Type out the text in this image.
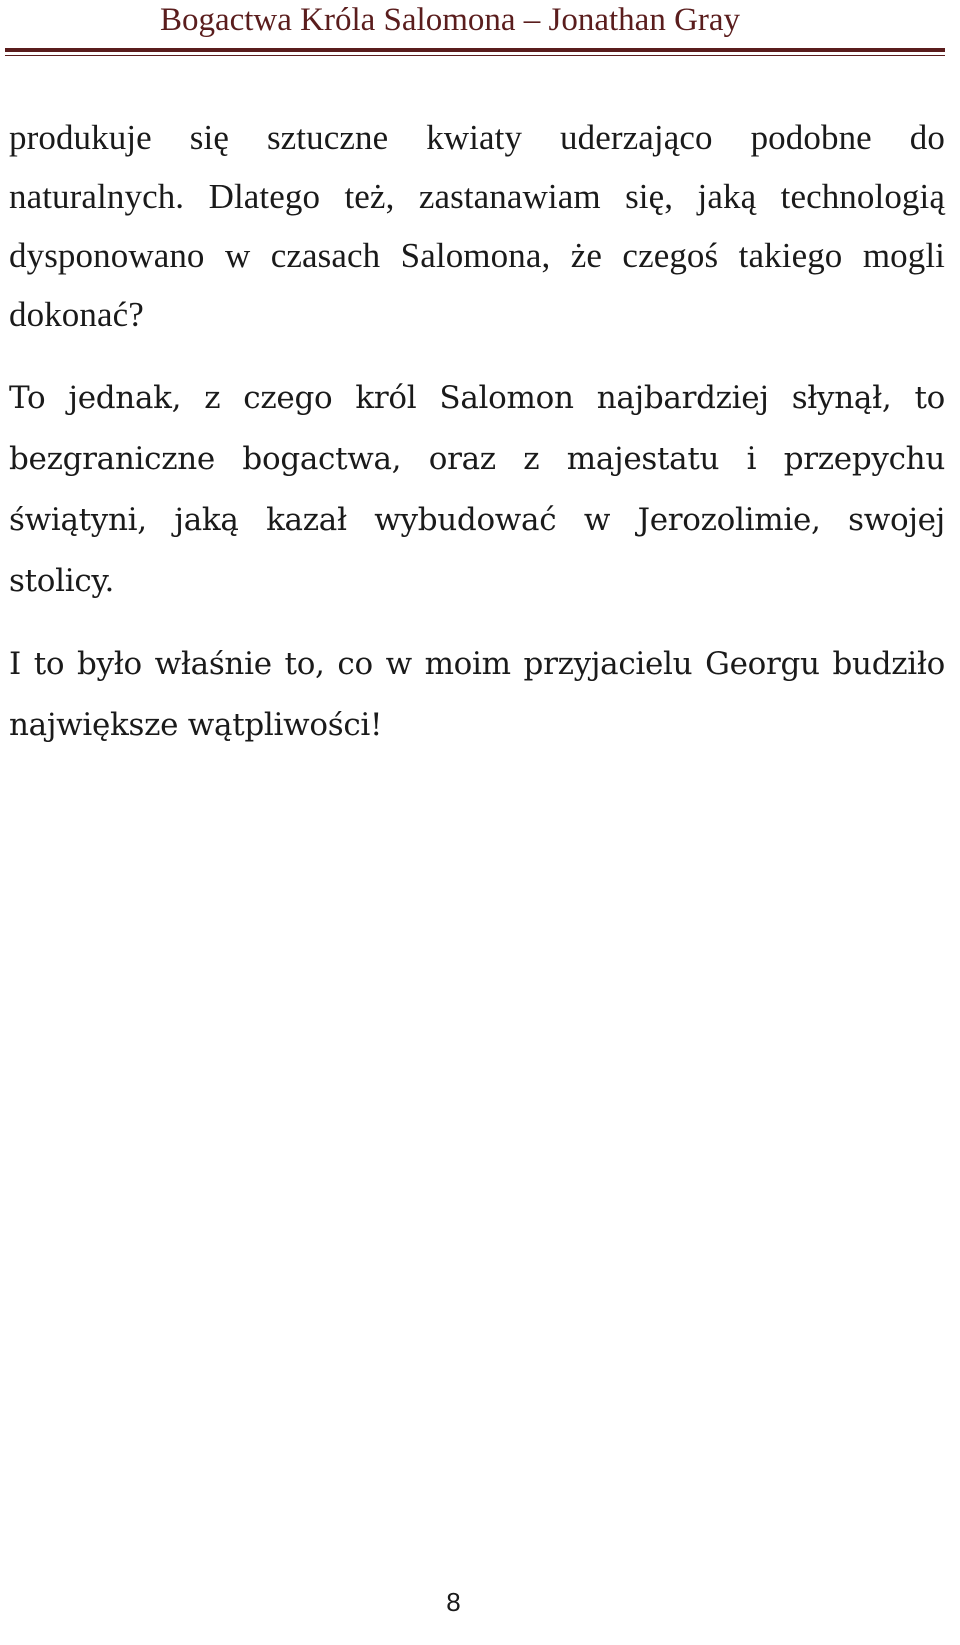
Bogactwa Króla Salomona – Jonathan Gray

produkuje się sztuczne kwiaty uderzająco podobne do naturalnych. Dlatego też, zastanawiam się, jaką technologią dysponowano w czasach Salomona, że czegoś takiego mogli dokonać?

To jednak, z czego król Salomon najbardziej słynął, to bezgraniczne bogactwa, oraz z majestatu i przepychu świątyni, jaką kazał wybudować w Jerozolimie, swojej stolicy.

I to było właśnie to, co w moim przyjacielu Georgu budziło największe wątpliwości!

8
